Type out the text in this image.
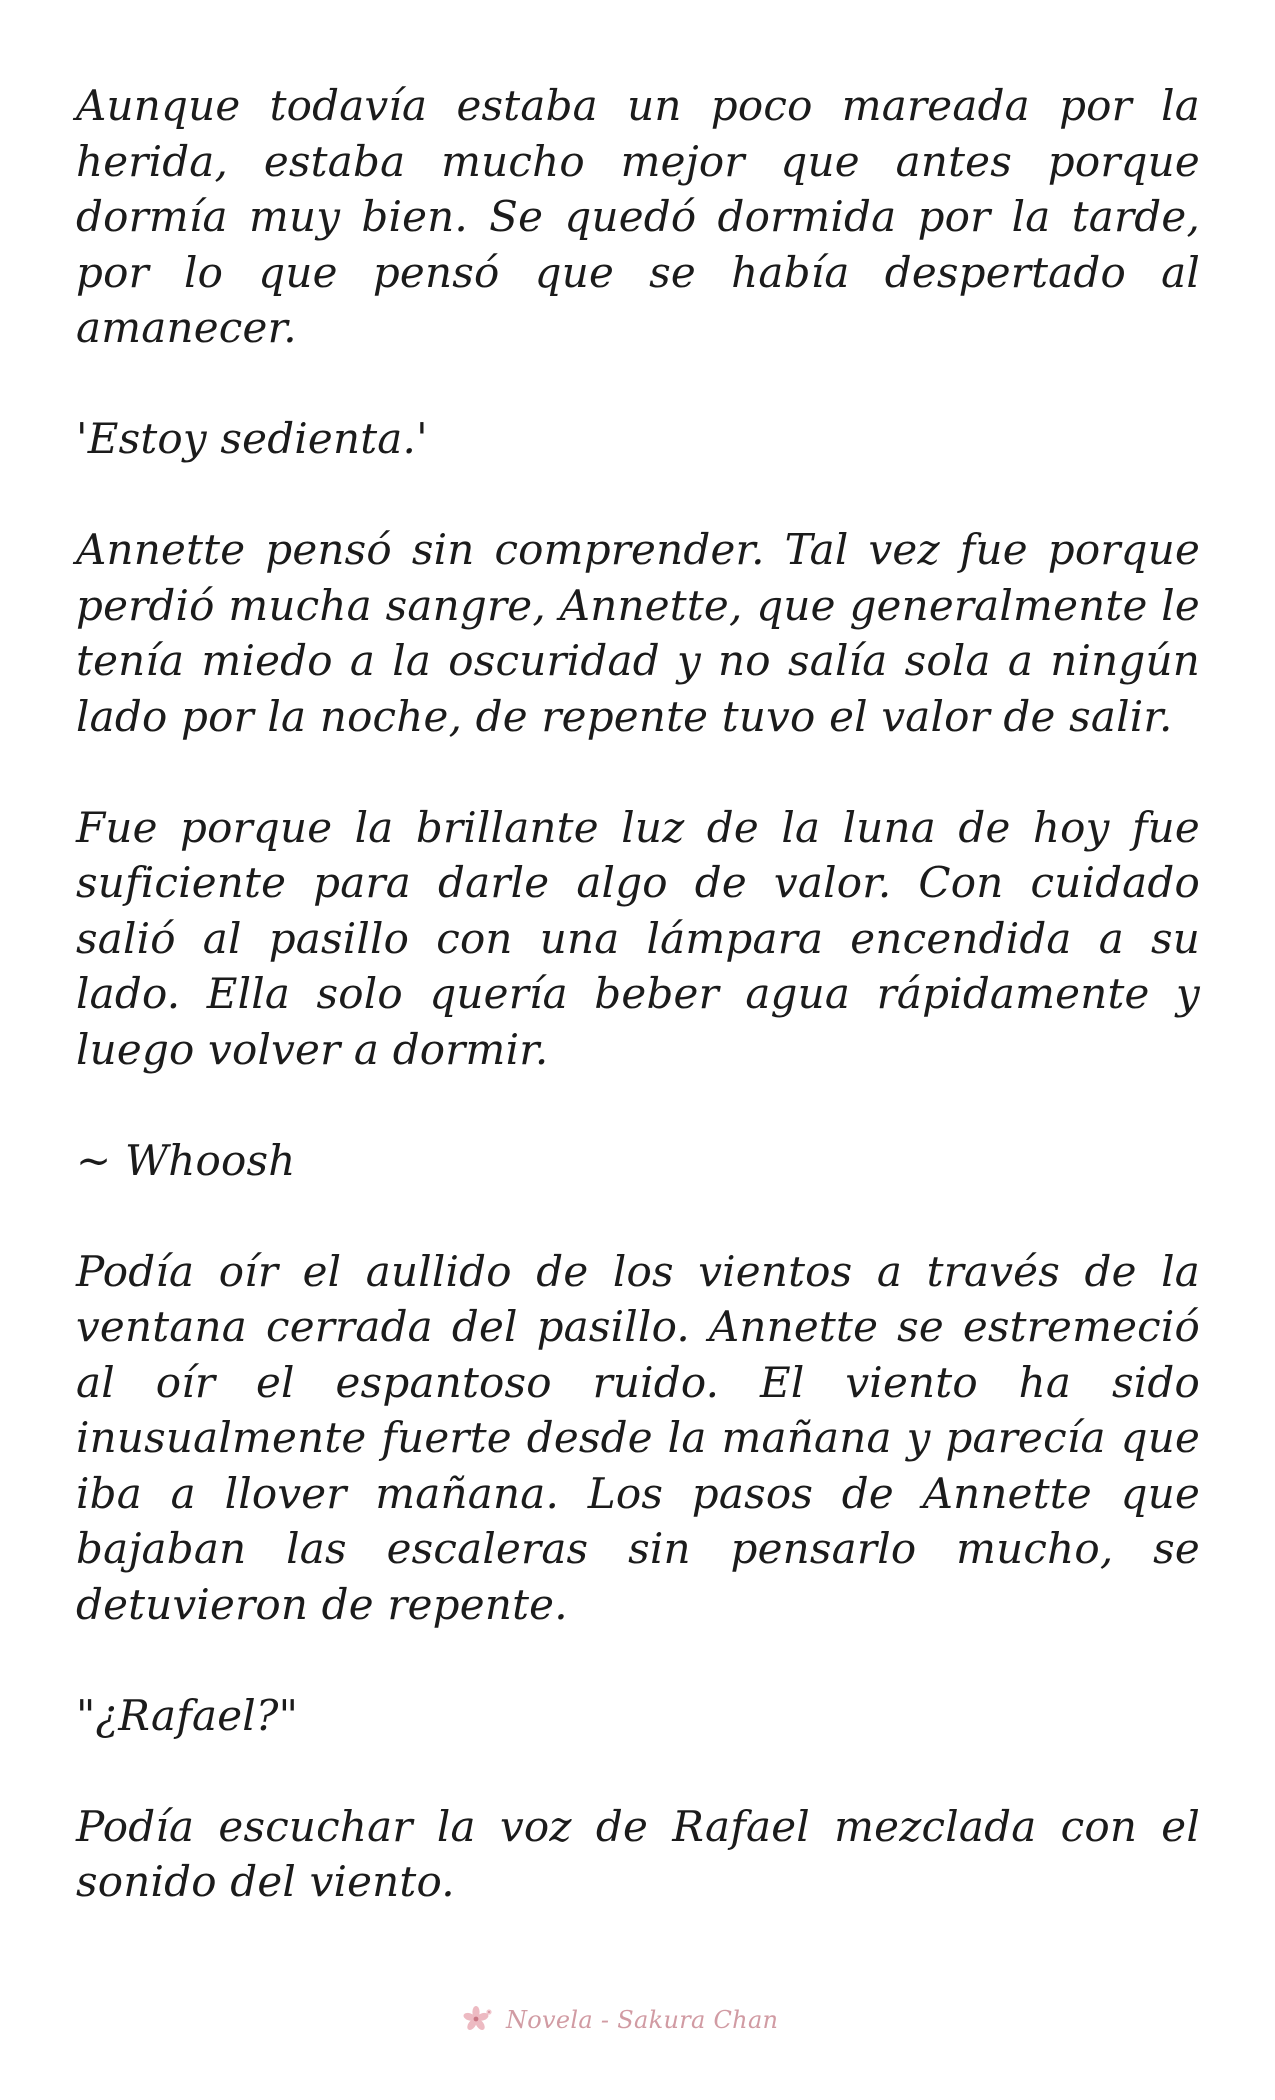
Aunque todavía estaba un poco mareada por la herida, estaba mucho mejor que antes porque dormía muy bien. Se quedó dormida por la tarde, por lo que pensó que se había despertado al amanecer.

'Estoy sedienta.'

Annette pensó sin comprender. Tal vez fue porque perdió mucha sangre, Annette, que generalmente le tenía miedo a la oscuridad y no salía sola a ningún lado por la noche, de repente tuvo el valor de salir.

Fue porque la brillante luz de la luna de hoy fue suficiente para darle algo de valor. Con cuidado salió al pasillo con una lámpara encendida a su lado. Ella solo quería beber agua rápidamente y luego volver a dormir.

~ Whoosh

Podía oír el aullido de los vientos a través de la ventana cerrada del pasillo. Annette se estremeció al oír el espantoso ruido. El viento ha sido inusualmente fuerte desde la mañana y parecía que iba a llover mañana. Los pasos de Annette que bajaban las escaleras sin pensarlo mucho, se detuvieron de repente.

"¿Rafael?"

Podía escuchar la voz de Rafael mezclada con el sonido del viento.

Novela - Sakura Chan
